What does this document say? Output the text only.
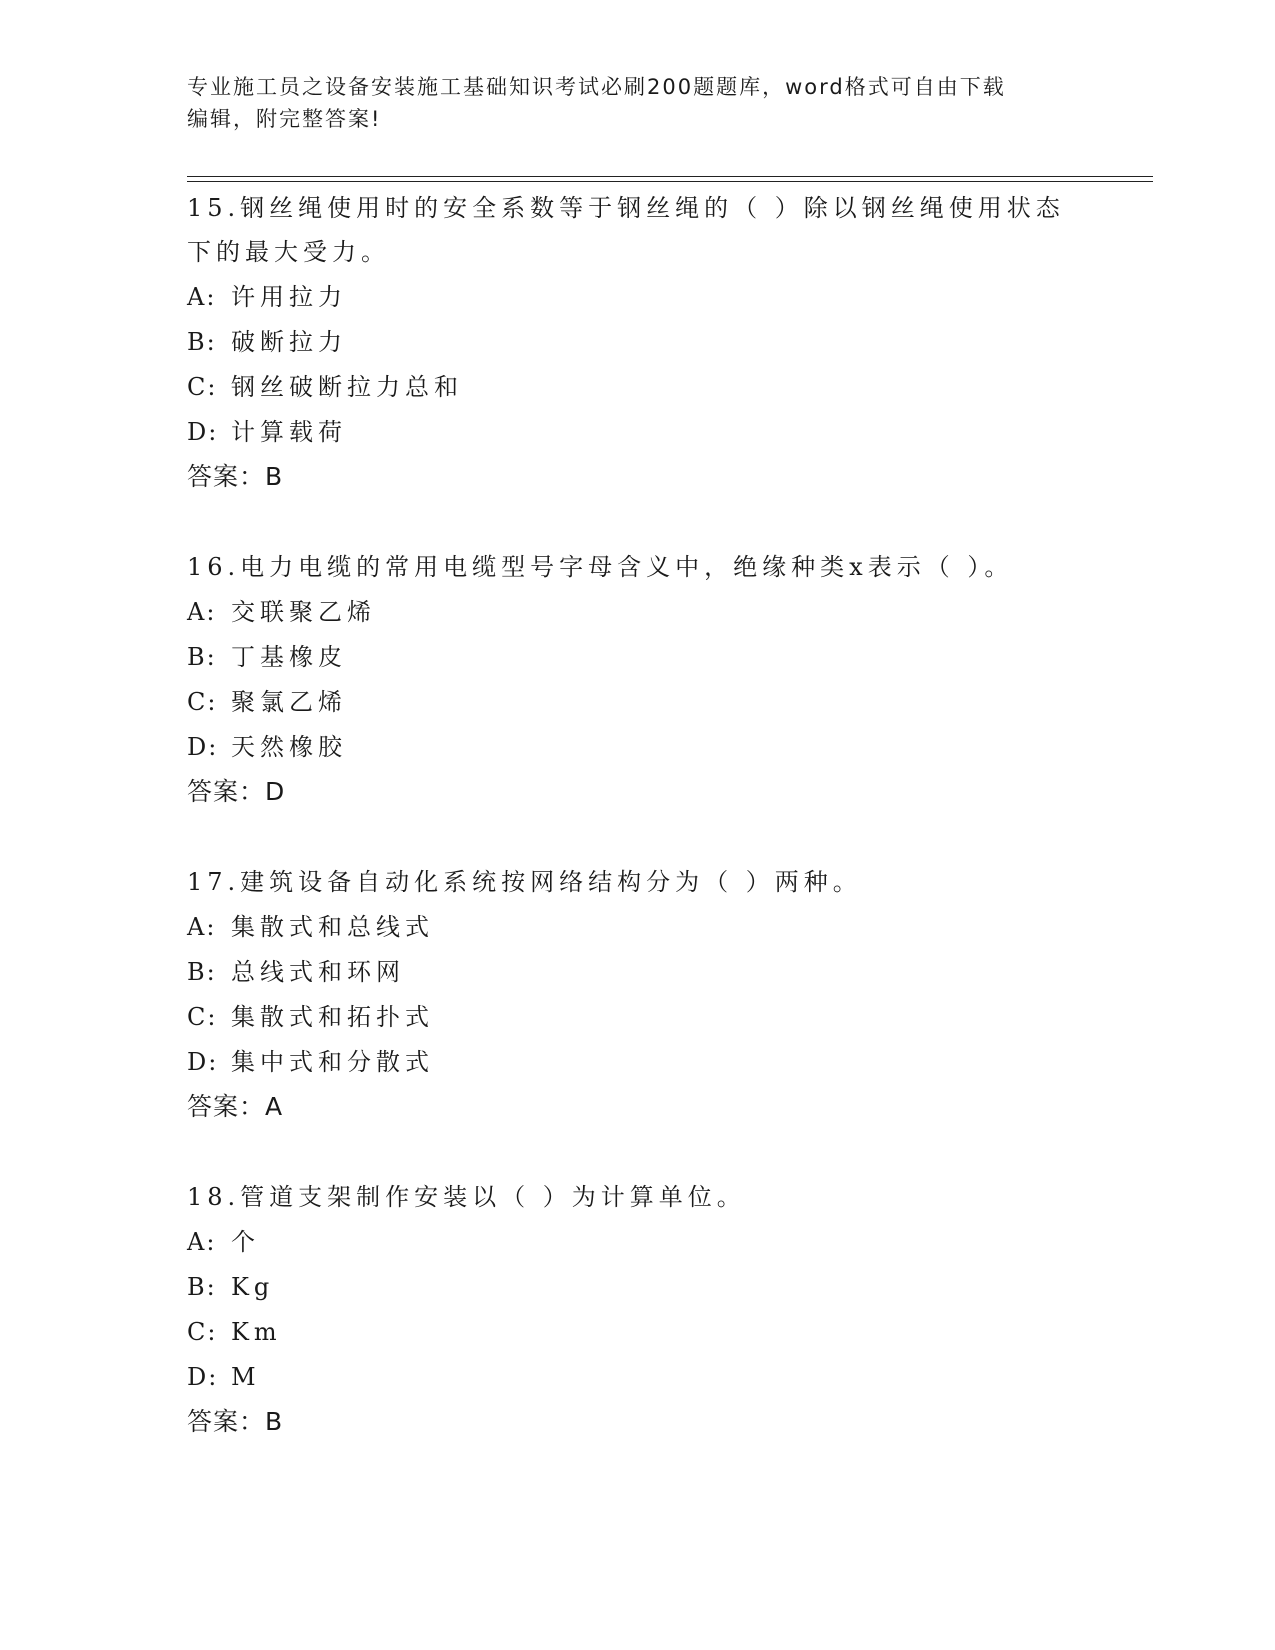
专业施工员之设备安装施工基础知识考试必刷200题题库，word格式可自由下载
编辑，附完整答案!
15.钢丝绳使用时的安全系数等于钢丝绳的（ ）除以钢丝绳使用状态
下的最大受力。
A: 许用拉力
B: 破断拉力
C: 钢丝破断拉力总和
D: 计算载荷
答案：B
16.电力电缆的常用电缆型号字母含义中，绝缘种类x表示（ ）。
A: 交联聚乙烯
B: 丁基橡皮
C: 聚氯乙烯
D: 天然橡胶
答案：D
17.建筑设备自动化系统按网络结构分为（ ）两种。
A: 集散式和总线式
B: 总线式和环网
C: 集散式和拓扑式
D: 集中式和分散式
答案：A
18.管道支架制作安装以（ ）为计算单位。
A: 个
B: Kg
C: Km
D: M
答案：B
